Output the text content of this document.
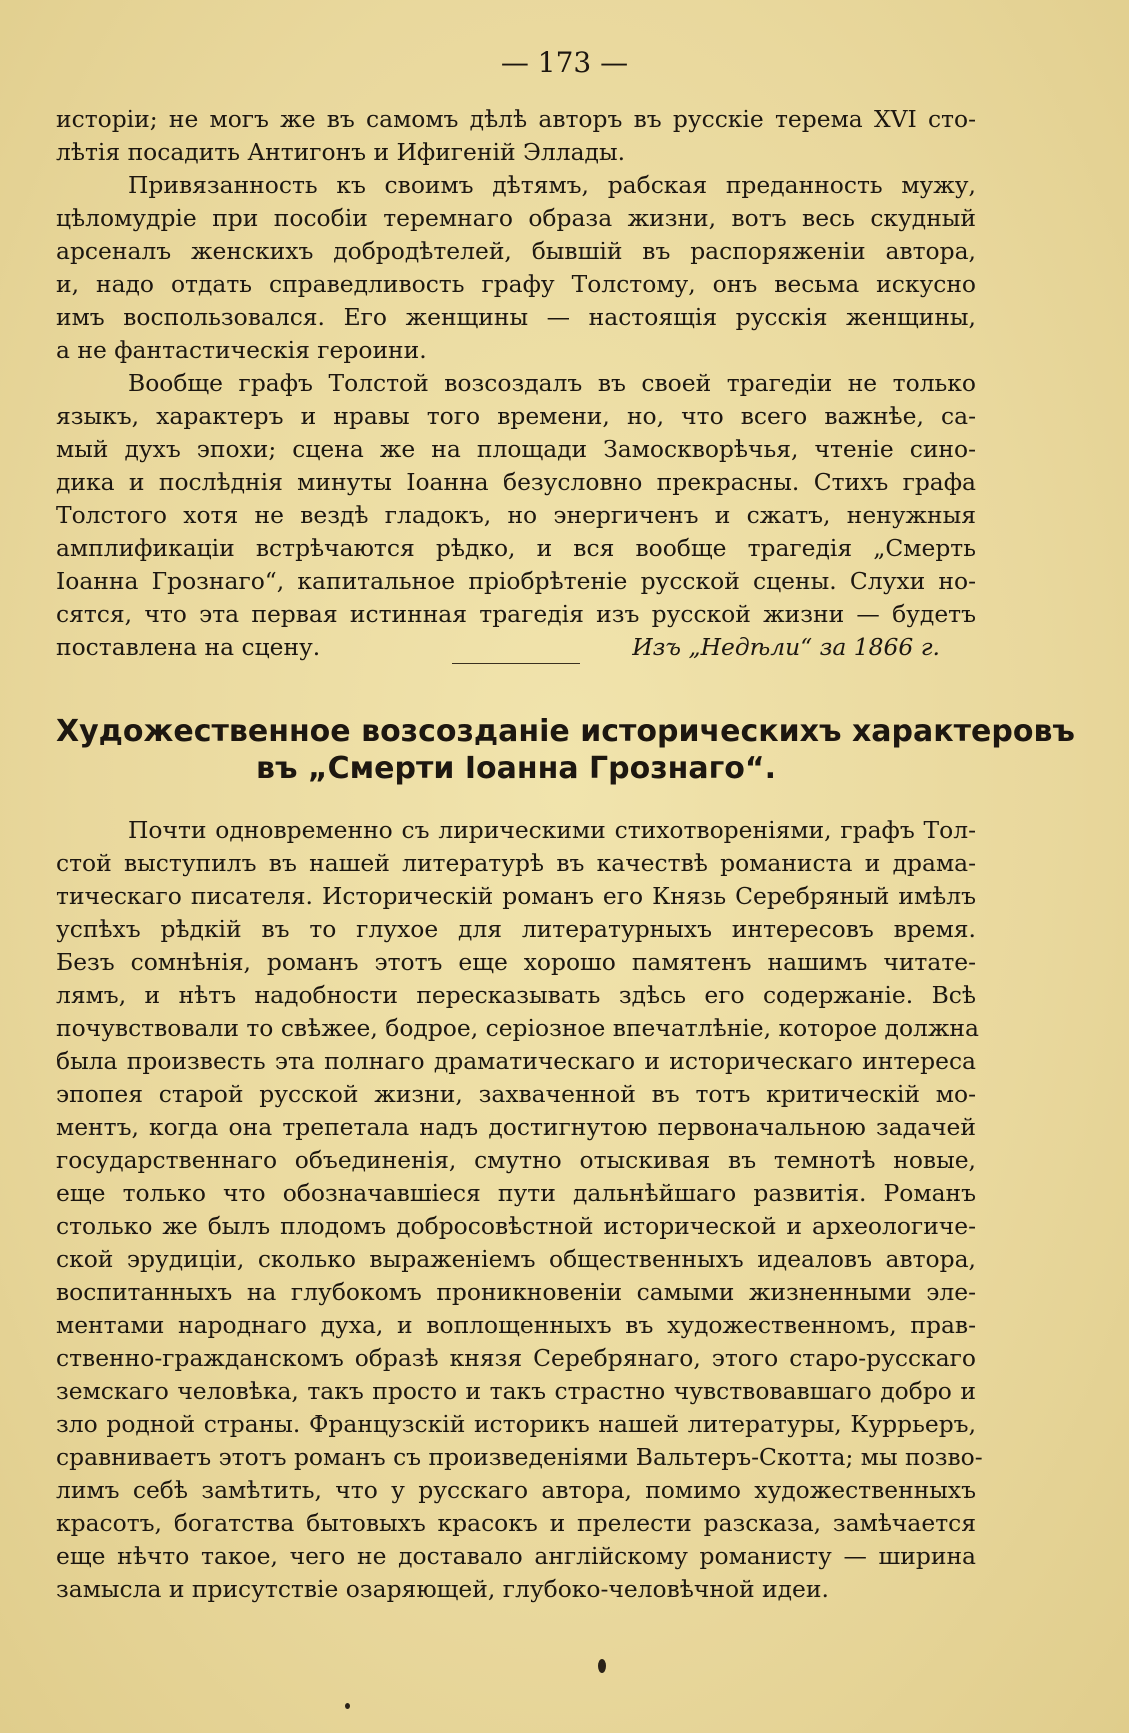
— 173 —
исторіи; не могъ же въ самомъ дѣлѣ авторъ въ русскіе терема XVI сто-
лѣтія посадить Антигонъ и Ифигеній Эллады.
Привязанность къ своимъ дѣтямъ, рабская преданность мужу,
цѣломудріе при пособіи теремнаго образа жизни, вотъ весь скудный
арсеналъ женскихъ добродѣтелей, бывшій въ распоряженіи автора,
и, надо отдать справедливость графу Толстому, онъ весьма искусно
имъ воспользовался. Его женщины — настоящія русскія женщины,
а не фантастическія героини.
Вообще графъ Толстой возсоздалъ въ своей трагедіи не только
языкъ, характеръ и нравы того времени, но, что всего важнѣе, са-
мый духъ эпохи; сцена же на площади Замоскворѣчья, чтеніе сино-
дика и послѣднія минуты Іоанна безусловно прекрасны. Стихъ графа
Толстого хотя не вездѣ гладокъ, но энергиченъ и сжатъ, ненужныя
амплификаціи встрѣчаются рѣдко, и вся вообще трагедія „Смерть
Іоанна Грознаго“, капитальное пріобрѣтеніе русской сцены. Слухи но-
сятся, что эта первая истинная трагедія изъ русской жизни — будетъ
поставлена на сцену.	Изъ „Недѣли“ за 1866 г.
Художественное возсозданіе историческихъ характеровъ
въ „Смерти Іоанна Грознаго“.
Почти одновременно съ лирическими стихотвореніями, графъ Тол-
стой выступилъ въ нашей литературѣ въ качествѣ романиста и драма-
тическаго писателя. Историческій романъ его Князь Серебряный имѣлъ
успѣхъ рѣдкій въ то глухое для литературныхъ интересовъ время.
Безъ сомнѣнія, романъ этотъ еще хорошо памятенъ нашимъ читате-
лямъ, и нѣтъ надобности пересказывать здѣсь его содержаніе. Всѣ
почувствовали то свѣжее, бодрое, серіозное впечатлѣніе, которое должна
была произвесть эта полнаго драматическаго и историческаго интереса
эпопея старой русской жизни, захваченной въ тотъ критическій мо-
ментъ, когда она трепетала надъ достигнутою первоначальною задачей
государственнаго объединенія, смутно отыскивая въ темнотѣ новые,
еще только что обозначавшіеся пути дальнѣйшаго развитія. Романъ
столько же былъ плодомъ добросовѣстной исторической и археологиче-
ской эрудиціи, сколько выраженіемъ общественныхъ идеаловъ автора,
воспитанныхъ на глубокомъ проникновеніи самыми жизненными эле-
ментами народнаго духа, и воплощенныхъ въ художественномъ, прав-
ственно-гражданскомъ образѣ князя Серебрянаго, этого старо-русскаго
земскаго человѣка, такъ просто и такъ страстно чувствовавшаго добро и
зло родной страны. Французскій историкъ нашей литературы, Куррьеръ,
сравниваетъ этотъ романъ съ произведеніями Вальтеръ-Скотта; мы позво-
лимъ себѣ замѣтить, что у русскаго автора, помимо художественныхъ
красотъ, богатства бытовыхъ красокъ и прелести разсказа, замѣчается
еще нѣчто такое, чего не доставало англійскому романисту — ширина
замысла и присутствіе озаряющей, глубоко-человѣчной идеи.
